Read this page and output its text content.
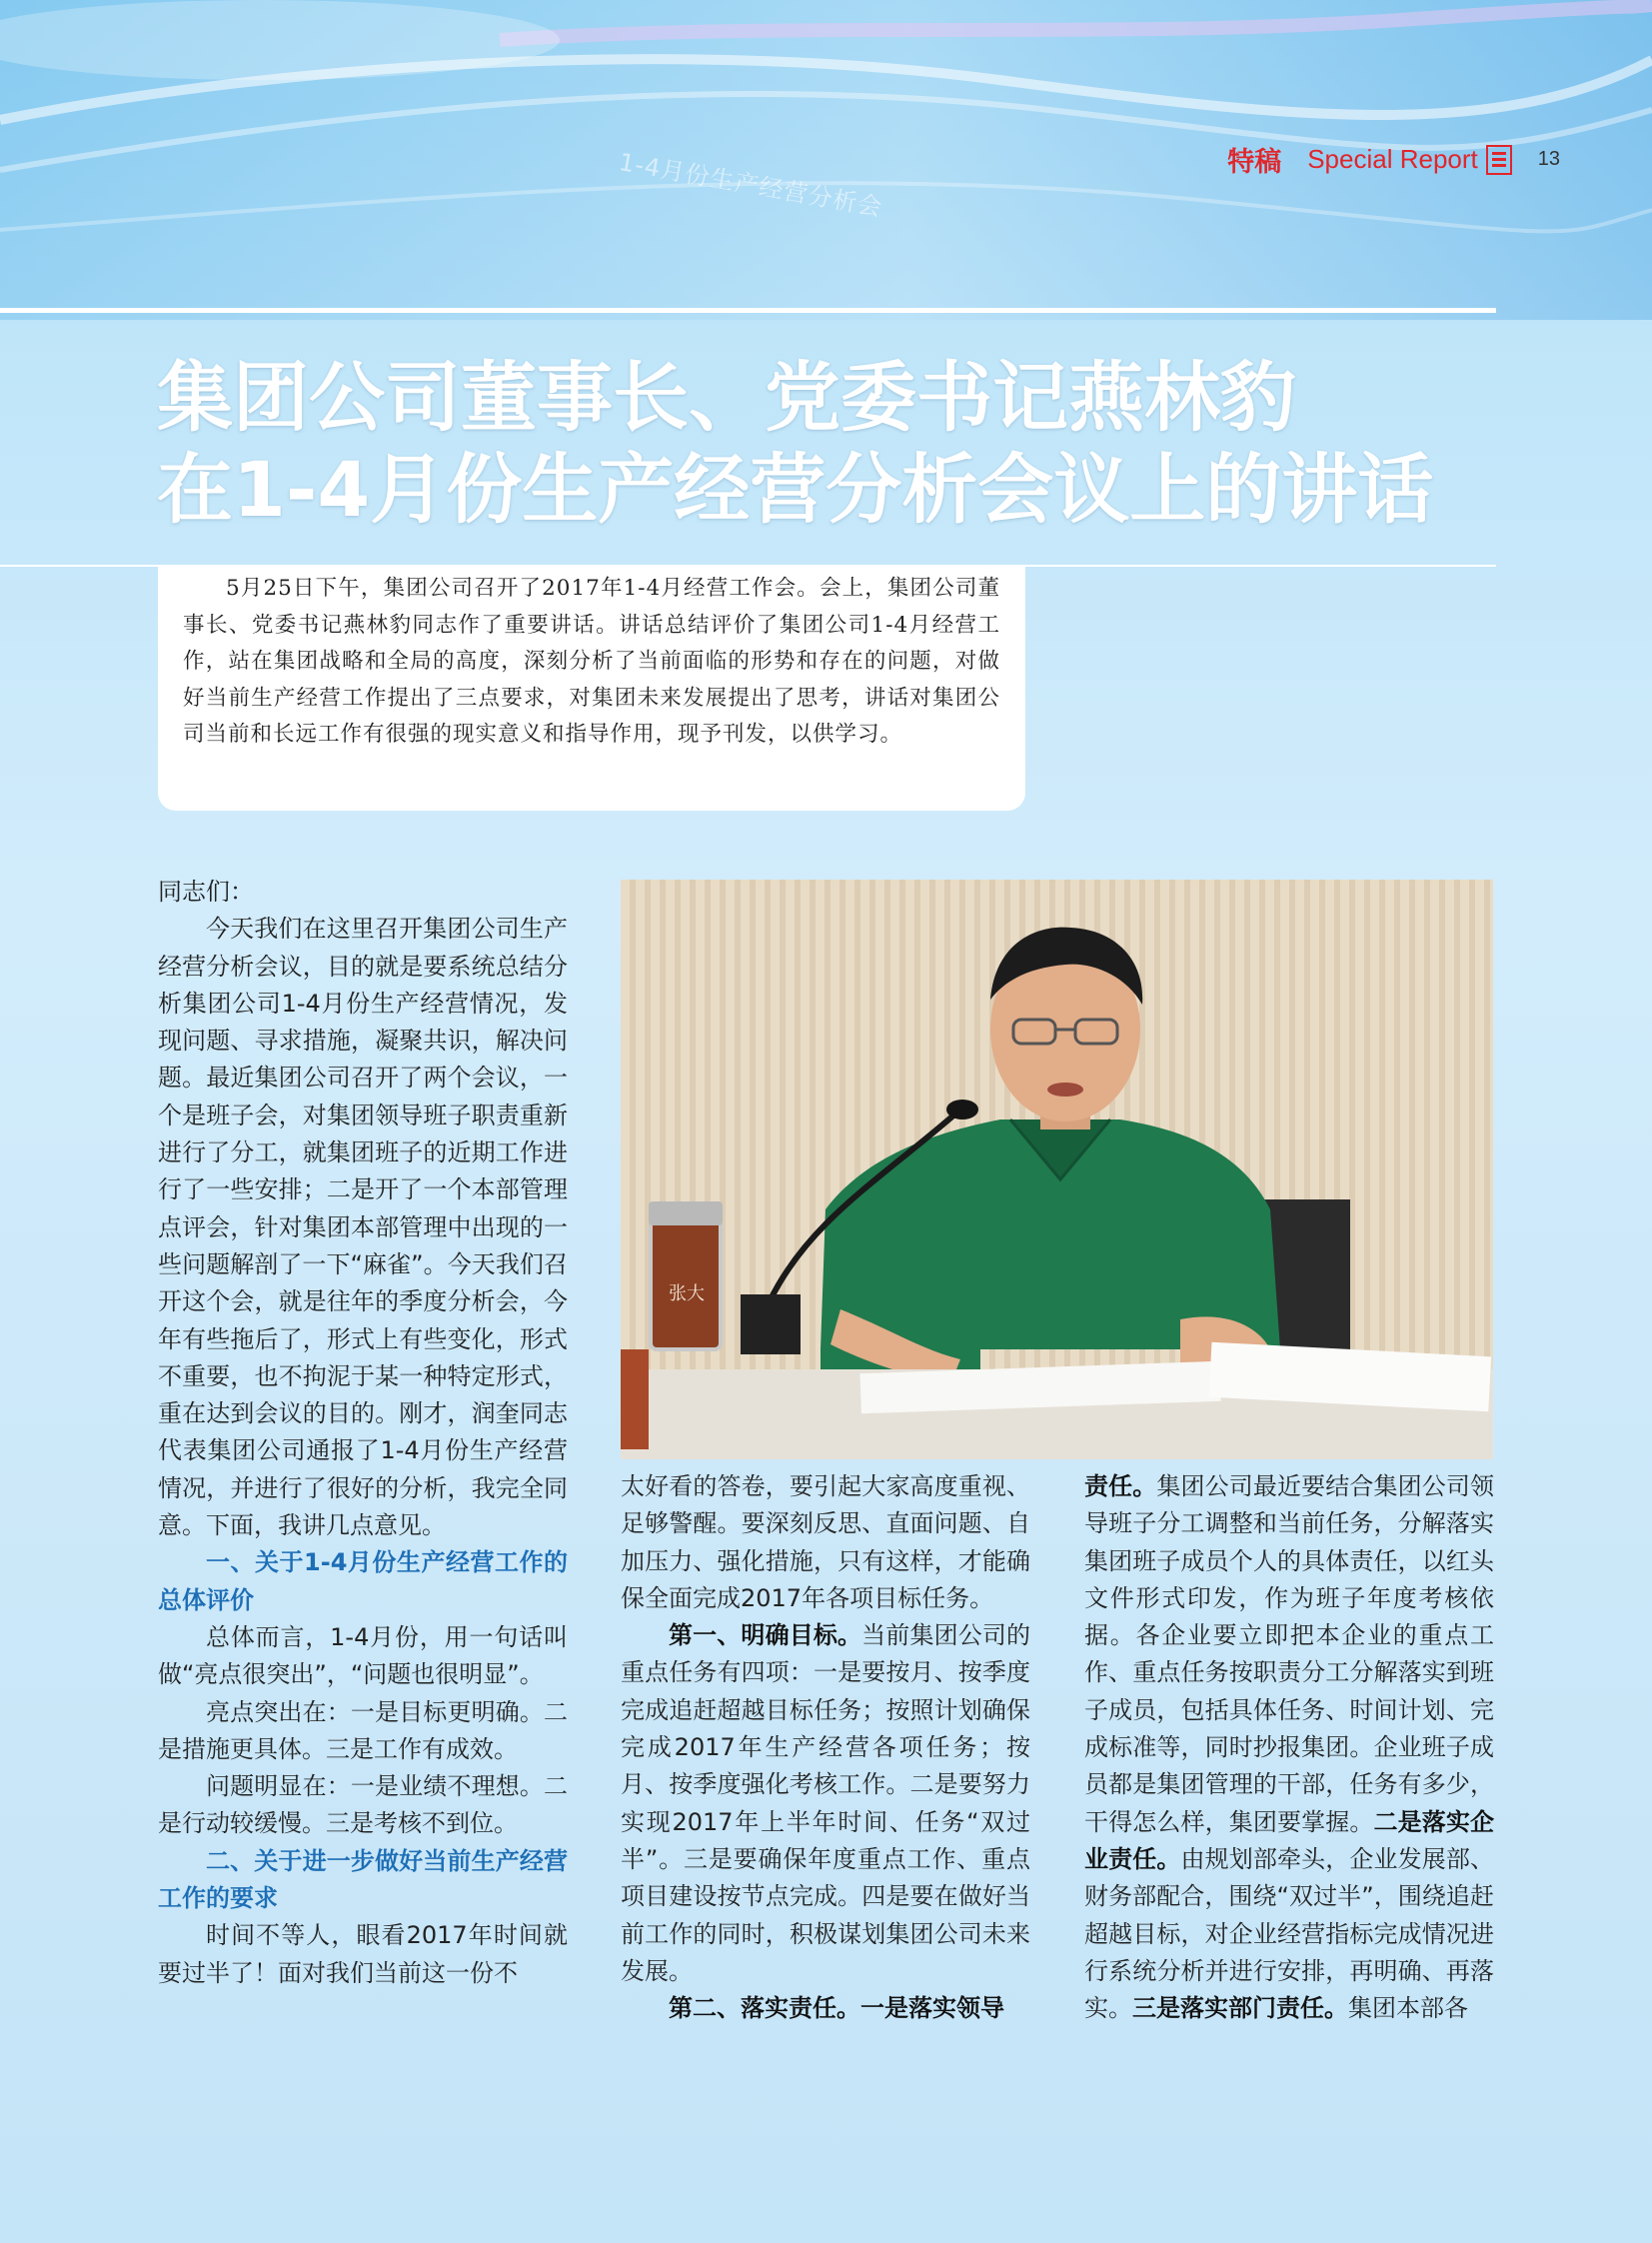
1-4月份生产经营分析会	特稿 Special Report	13
集团公司董事长、党委书记燕林豹
在1-4月份生产经营分析会议上的讲话
5月25日下午，集团公司召开了2017年1-4月经营工作会。会上，集团公司董事长、党委书记燕林豹同志作了重要讲话。讲话总结评价了集团公司1-4月经营工作，站在集团战略和全局的高度，深刻分析了当前面临的形势和存在的问题，对做好当前生产经营工作提出了三点要求，对集团未来发展提出了思考，讲话对集团公司当前和长远工作有很强的现实意义和指导作用，现予刊发，以供学习。

同志们：

今天我们在这里召开集团公司生产经营分析会议，目的就是要系统总结分析集团公司1-4月份生产经营情况，发现问题、寻求措施，凝聚共识，解决问题。最近集团公司召开了两个会议，一个是班子会，对集团领导班子职责重新进行了分工，就集团班子的近期工作进行了一些安排；二是开了一个本部管理点评会，针对集团本部管理中出现的一些问题解剖了一下“麻雀”。今天我们召开这个会，就是往年的季度分析会，今年有些拖后了，形式上有些变化，形式不重要，也不拘泥于某一种特定形式，重在达到会议的目的。刚才，润奎同志代表集团公司通报了1-4月份生产经营情况，并进行了很好的分析，我完全同意。下面，我讲几点意见。

一、关于1-4月份生产经营工作的总体评价

总体而言，1-4月份，用一句话叫做“亮点很突出”，“问题也很明显”。

亮点突出在：一是目标更明确。二是措施更具体。三是工作有成效。

问题明显在：一是业绩不理想。二是行动较缓慢。三是考核不到位。

二、关于进一步做好当前生产经营工作的要求

时间不等人，眼看2017年时间就要过半了！面对我们当前这一份不

张大

太好看的答卷，要引起大家高度重视、足够警醒。要深刻反思、直面问题、自加压力、强化措施，只有这样，才能确保全面完成2017年各项目标任务。

第一、明确目标。当前集团公司的重点任务有四项：一是要按月、按季度完成追赶超越目标任务；按照计划确保完成2017年生产经营各项任务；按月、按季度强化考核工作。二是要努力实现2017年上半年时间、任务“双过半”。三是要确保年度重点工作、重点项目建设按节点完成。四是要在做好当前工作的同时，积极谋划集团公司未来发展。

第二、落实责任。一是落实领导

责任。集团公司最近要结合集团公司领导班子分工调整和当前任务，分解落实集团班子成员个人的具体责任，以红头文件形式印发，作为班子年度考核依据。各企业要立即把本企业的重点工作、重点任务按职责分工分解落实到班子成员，包括具体任务、时间计划、完成标准等，同时抄报集团。企业班子成员都是集团管理的干部，任务有多少，干得怎么样，集团要掌握。二是落实企业责任。由规划部牵头，企业发展部、财务部配合，围绕“双过半”，围绕追赶超越目标，对企业经营指标完成情况进行系统分析并进行安排，再明确、再落实。三是落实部门责任。集团本部各
